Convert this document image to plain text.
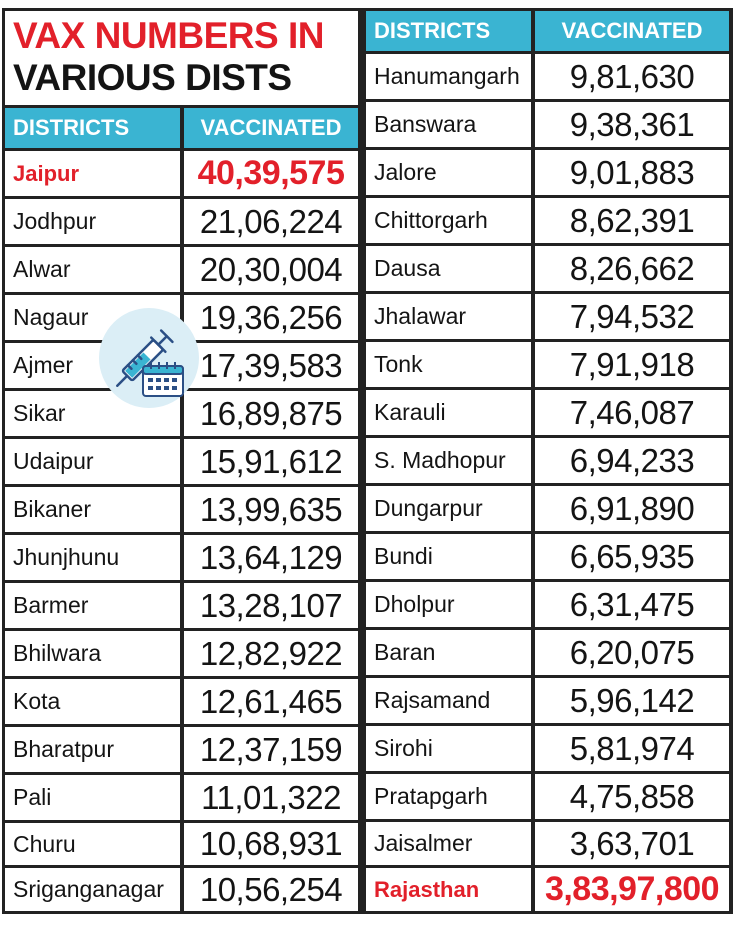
VAX NUMBERS IN
VARIOUS DISTS
DISTRICTS	VACCINATED
DISTRICTS	VACCINATED
Jaipur	40,39,575
Jodhpur	21,06,224
Alwar	20,30,004
Nagaur	19,36,256
Ajmer	17,39,583
Sikar	16,89,875
Udaipur	15,91,612
Bikaner	13,99,635
Jhunjhunu	13,64,129
Barmer	13,28,107
Bhilwara	12,82,922
Kota	12,61,465
Bharatpur	12,37,159
Pali	11,01,322
Churu	10,68,931
Sriganganagar	10,56,254
Hanumangarh	9,81,630
Banswara	9,38,361
Jalore	9,01,883
Chittorgarh	8,62,391
Dausa	8,26,662
Jhalawar	7,94,532
Tonk	7,91,918
Karauli	7,46,087
S. Madhopur	6,94,233
Dungarpur	6,91,890
Bundi	6,65,935
Dholpur	6,31,475
Baran	6,20,075
Rajsamand	5,96,142
Sirohi	5,81,974
Pratapgarh	4,75,858
Jaisalmer	3,63,701
Rajasthan	3,83,97,800
